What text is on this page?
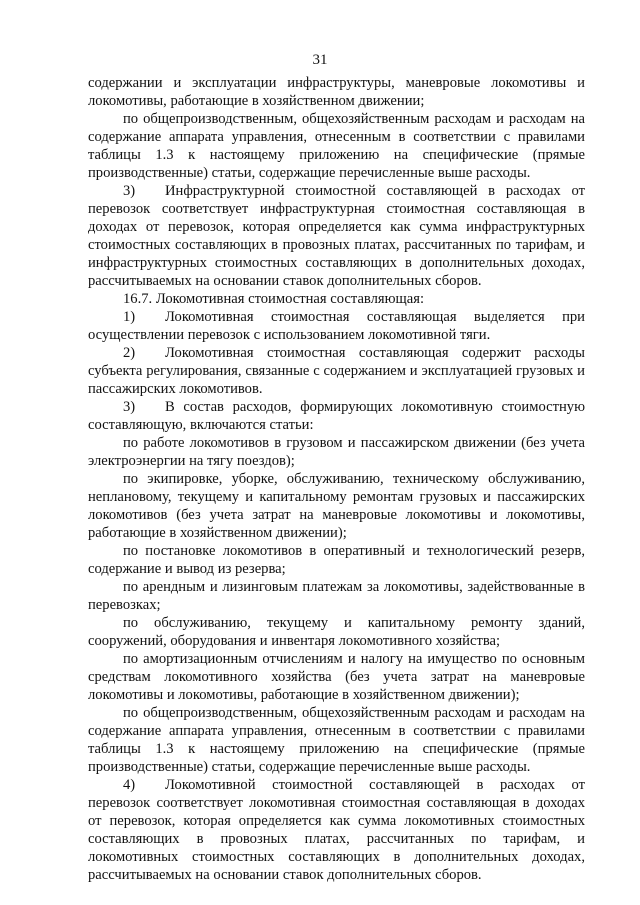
31

содержании и эксплуатации инфраструктуры, маневровые локомотивы и локомотивы, работающие в хозяйственном движении;

по общепроизводственным, общехозяйственным расходам и расходам на содержание аппарата управления, отнесенным в соответствии с правилами таблицы 1.3 к настоящему приложению на специфические (прямые производственные) статьи, содержащие перечисленные выше расходы.

3) Инфраструктурной стоимостной составляющей в расходах от перевозок соответствует инфраструктурная стоимостная составляющая в доходах от перевозок, которая определяется как сумма инфраструктурных стоимостных составляющих в провозных платах, рассчитанных по тарифам, и инфраструктурных стоимостных составляющих в дополнительных доходах, рассчитываемых на основании ставок дополнительных сборов.

16.7. Локомотивная стоимостная составляющая:

1) Локомотивная стоимостная составляющая выделяется при осуществлении перевозок с использованием локомотивной тяги.

2) Локомотивная стоимостная составляющая содержит расходы субъекта регулирования, связанные с содержанием и эксплуатацией грузовых и пассажирских локомотивов.

3) В состав расходов, формирующих локомотивную стоимостную составляющую, включаются статьи:

по работе локомотивов в грузовом и пассажирском движении (без учета электроэнергии на тягу поездов);

по экипировке, уборке, обслуживанию, техническому обслуживанию, неплановому, текущему и капитальному ремонтам грузовых и пассажирских локомотивов (без учета затрат на маневровые локомотивы и локомотивы, работающие в хозяйственном движении);

по постановке локомотивов в оперативный и технологический резерв, содержание и вывод из резерва;

по арендным и лизинговым платежам за локомотивы, задействованные в перевозках;

по обслуживанию, текущему и капитальному ремонту зданий, сооружений, оборудования и инвентаря локомотивного хозяйства;

по амортизационным отчислениям и налогу на имущество по основным средствам локомотивного хозяйства (без учета затрат на маневровые локомотивы и локомотивы, работающие в хозяйственном движении);

по общепроизводственным, общехозяйственным расходам и расходам на содержание аппарата управления, отнесенным в соответствии с правилами таблицы 1.3 к настоящему приложению на специфические (прямые производственные) статьи, содержащие перечисленные выше расходы.

4) Локомотивной стоимостной составляющей в расходах от перевозок соответствует локомотивная стоимостная составляющая в доходах от перевозок, которая определяется как сумма локомотивных стоимостных составляющих в провозных платах, рассчитанных по тарифам, и локомотивных стоимостных составляющих в дополнительных доходах, рассчитываемых на основании ставок дополнительных сборов.
